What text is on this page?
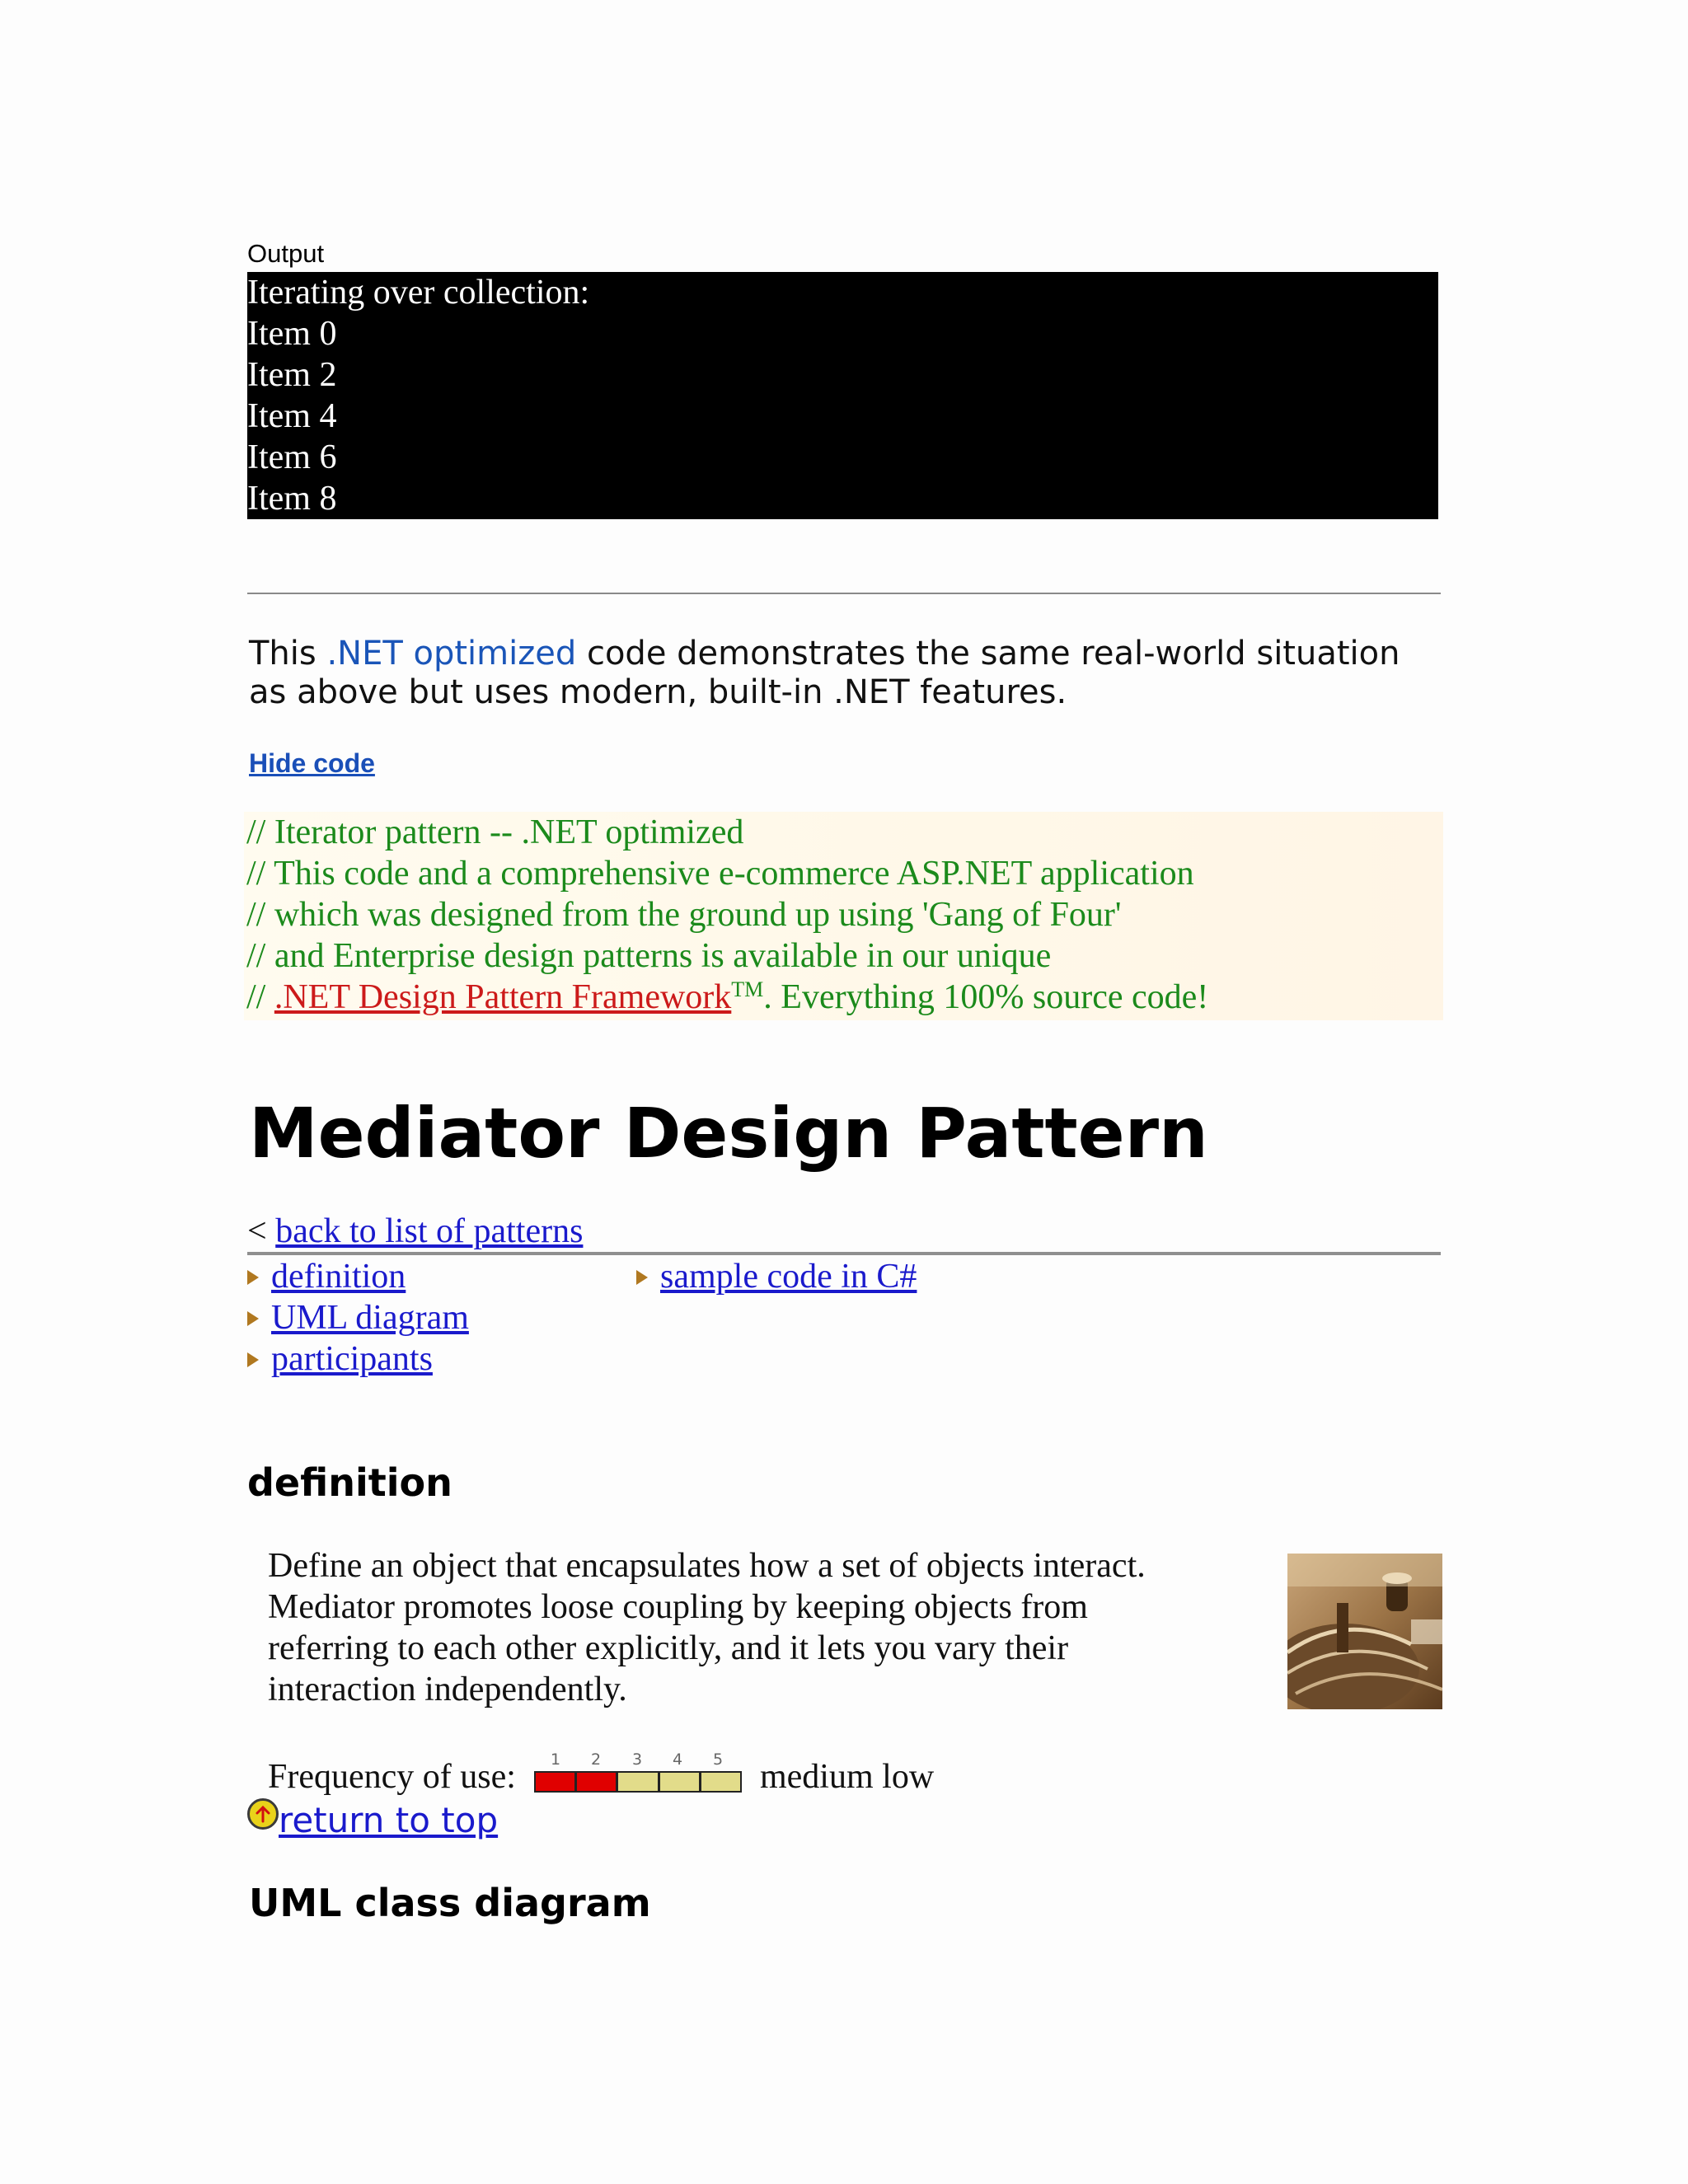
Output
Iterating over collection:
Item 0
Item 2
Item 4
Item 6
Item 8
This .NET optimized code demonstrates the same real-world situation as above but uses modern, built-in .NET features.
Hide code
// Iterator pattern -- .NET optimized
// This code and a comprehensive e-commerce ASP.NET application
// which was designed from the ground up using 'Gang of Four'
// and Enterprise design patterns is available in our unique
// .NET Design Pattern Framework™. Everything 100% source code!
Mediator Design Pattern
< back to list of patterns
definition
UML diagram
participants
sample code in C#
definition

Define an object that encapsulates how a set of objects interact. Mediator promotes loose coupling by keeping objects from referring to each other explicitly, and it lets you vary their interaction independently.

Frequency of use: 1 2 3 4 5 medium low
return to top
UML class diagram
